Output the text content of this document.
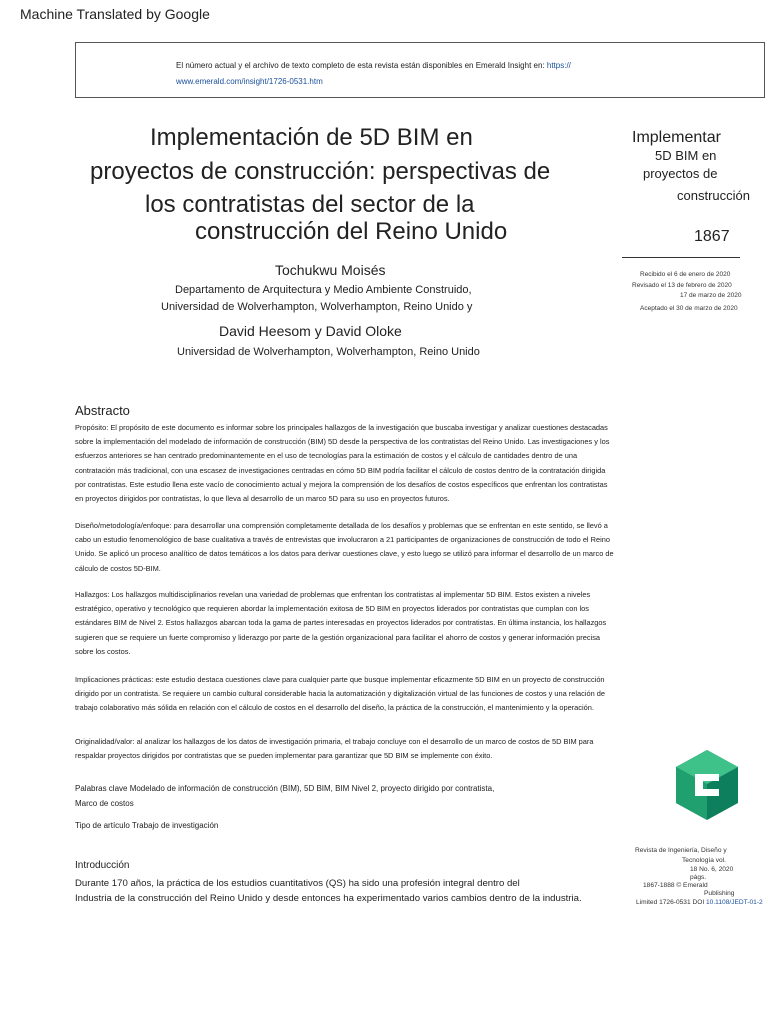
Machine Translated by Google
El número actual y el archivo de texto completo de esta revista están disponibles en Emerald Insight en: https://
www.emerald.com/insight/1726-0531.htm
Implementación de 5D BIM en
proyectos de construcción: perspectivas de
los contratistas del sector de la
construcción del Reino Unido
Tochukwu Moisés
Departamento de Arquitectura y Medio Ambiente Construido,
Universidad de Wolverhampton, Wolverhampton, Reino Unido y
David Heesom y David Oloke
Universidad de Wolverhampton, Wolverhampton, Reino Unido
Implementar
5D BIM en
proyectos de
construcción
1867
Recibido el 6 de enero de 2020
Revisado el 13 de febrero de 2020
17 de marzo de 2020
Aceptado el 30 de marzo de 2020
Abstracto
Propósito: El propósito de este documento es informar sobre los principales hallazgos de la investigación que buscaba investigar y analizar cuestiones destacadas sobre la implementación del modelado de información de construcción (BIM) 5D desde la perspectiva de los contratistas del Reino Unido. Las investigaciones y los esfuerzos anteriores se han centrado predominantemente en el uso de tecnologías para la estimación de costos y el cálculo de cantidades dentro de una contratación más tradicional, con una escasez de investigaciones centradas en cómo 5D BIM podría facilitar el cálculo de costos dentro de la contratación dirigida por contratistas. Este estudio llena este vacío de conocimiento actual y mejora la comprensión de los desafíos de costos específicos que enfrentan los contratistas en proyectos dirigidos por contratistas, lo que lleva al desarrollo de un marco 5D para su uso en proyectos futuros.
Diseño/metodología/enfoque: para desarrollar una comprensión completamente detallada de los desafíos y problemas que se enfrentan en este sentido, se llevó a cabo un estudio fenomenológico de base cualitativa a través de entrevistas que involucraron a 21 participantes de organizaciones de construcción de todo el Reino Unido. Se aplicó un proceso analítico de datos temáticos a los datos para derivar cuestiones clave, y esto luego se utilizó para informar el desarrollo de un marco de cálculo de costos 5D-BIM.
Hallazgos: Los hallazgos multidisciplinarios revelan una variedad de problemas que enfrentan los contratistas al implementar 5D BIM. Estos existen a niveles estratégico, operativo y tecnológico que requieren abordar la implementación exitosa de 5D BIM en proyectos liderados por contratistas que cumplan con los estándares BIM de Nivel 2. Estos hallazgos abarcan toda la gama de partes interesadas en proyectos liderados por contratistas. En última instancia, los hallazgos sugieren que se requiere un fuerte compromiso y liderazgo por parte de la gestión organizacional para facilitar el ahorro de costos y generar información precisa sobre los costos.
Implicaciones prácticas: este estudio destaca cuestiones clave para cualquier parte que busque implementar eficazmente 5D BIM en un proyecto de construcción dirigido por un contratista. Se requiere un cambio cultural considerable hacia la automatización y digitalización virtual de las funciones de costos y una relación de trabajo colaborativo más sólida en relación con el cálculo de costos en el desarrollo del diseño, la práctica de la construcción, el mantenimiento y la operación.
Originalidad/valor: al analizar los hallazgos de los datos de investigación primaria, el trabajo concluye con el desarrollo de un marco de costos de 5D BIM para respaldar proyectos dirigidos por contratistas que se pueden implementar para garantizar que 5D BIM se implemente con éxito.
Palabras clave Modelado de información de construcción (BIM), 5D BIM, BIM Nivel 2, proyecto dirigido por contratista,
Marco de costos
Tipo de artículo Trabajo de investigación
Introducción
Durante 170 años, la práctica de los estudios cuantitativos (QS) ha sido una profesión integral dentro del
Industria de la construcción del Reino Unido y desde entonces ha experimentado varios cambios dentro de la industria.
Revista de Ingeniería, Diseño y
Tecnología vol.
18 No. 6, 2020
págs.
1867-1888 © Emerald
Publishing
Limited 1726-0531 DOI 10.1108/JEDT-01-2
